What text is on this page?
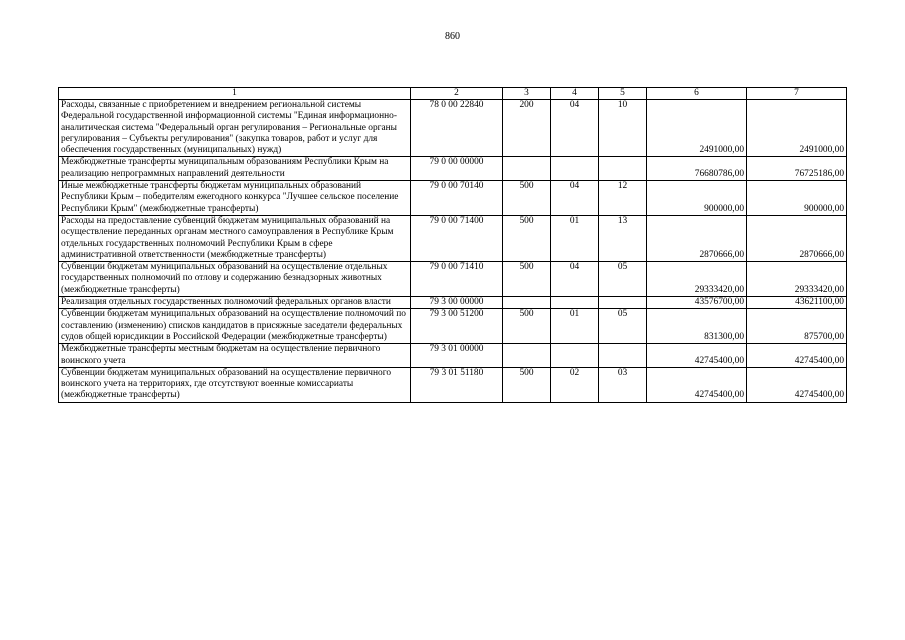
860
1	2	3	4	5	6	7
Расходы, связанные с приобретением и внедрением региональной системы Федеральной государственной информационной системы "Единая информационно-аналитическая система "Федеральный орган регулирования – Региональные органы регулирования – Субъекты регулирования" (закупка товаров, работ и услуг для обеспечения государственных (муниципальных) нужд)	78 0 00 22840	200	04	10	2491000,00	2491000,00
Межбюджетные трансферты муниципальным образованиям Республики Крым на реализацию непрограммных направлений деятельности	79 0 00 00000				76680786,00	76725186,00
Иные межбюджетные трансферты бюджетам муниципальных образований Республики Крым – победителям ежегодного конкурса "Лучшее сельское поселение Республики Крым" (межбюджетные трансферты)	79 0 00 70140	500	04	12	900000,00	900000,00
Расходы на предоставление субвенций бюджетам муниципальных образований на осуществление переданных органам местного самоуправления в Республике Крым отдельных государственных полномочий Республики Крым в сфере административной ответственности (межбюджетные трансферты)	79 0 00 71400	500	01	13	2870666,00	2870666,00
Субвенции бюджетам муниципальных образований на осуществление отдельных государственных полномочий по отлову и содержанию безнадзорных животных (межбюджетные трансферты)	79 0 00 71410	500	04	05	29333420,00	29333420,00
Реализация отдельных государственных полномочий федеральных органов власти	79 3 00 00000				43576700,00	43621100,00
Субвенции бюджетам муниципальных образований на осуществление полномочий по составлению (изменению) списков кандидатов в присяжные заседатели федеральных судов общей юрисдикции в Российской Федерации (межбюджетные трансферты)	79 3 00 51200	500	01	05	831300,00	875700,00
Межбюджетные трансферты местным бюджетам на осуществление первичного воинского учета	79 3 01 00000				42745400,00	42745400,00
Субвенции бюджетам муниципальных образований на осуществление первичного воинского учета на территориях, где отсутствуют военные комиссариаты (межбюджетные трансферты)	79 3 01 51180	500	02	03	42745400,00	42745400,00
